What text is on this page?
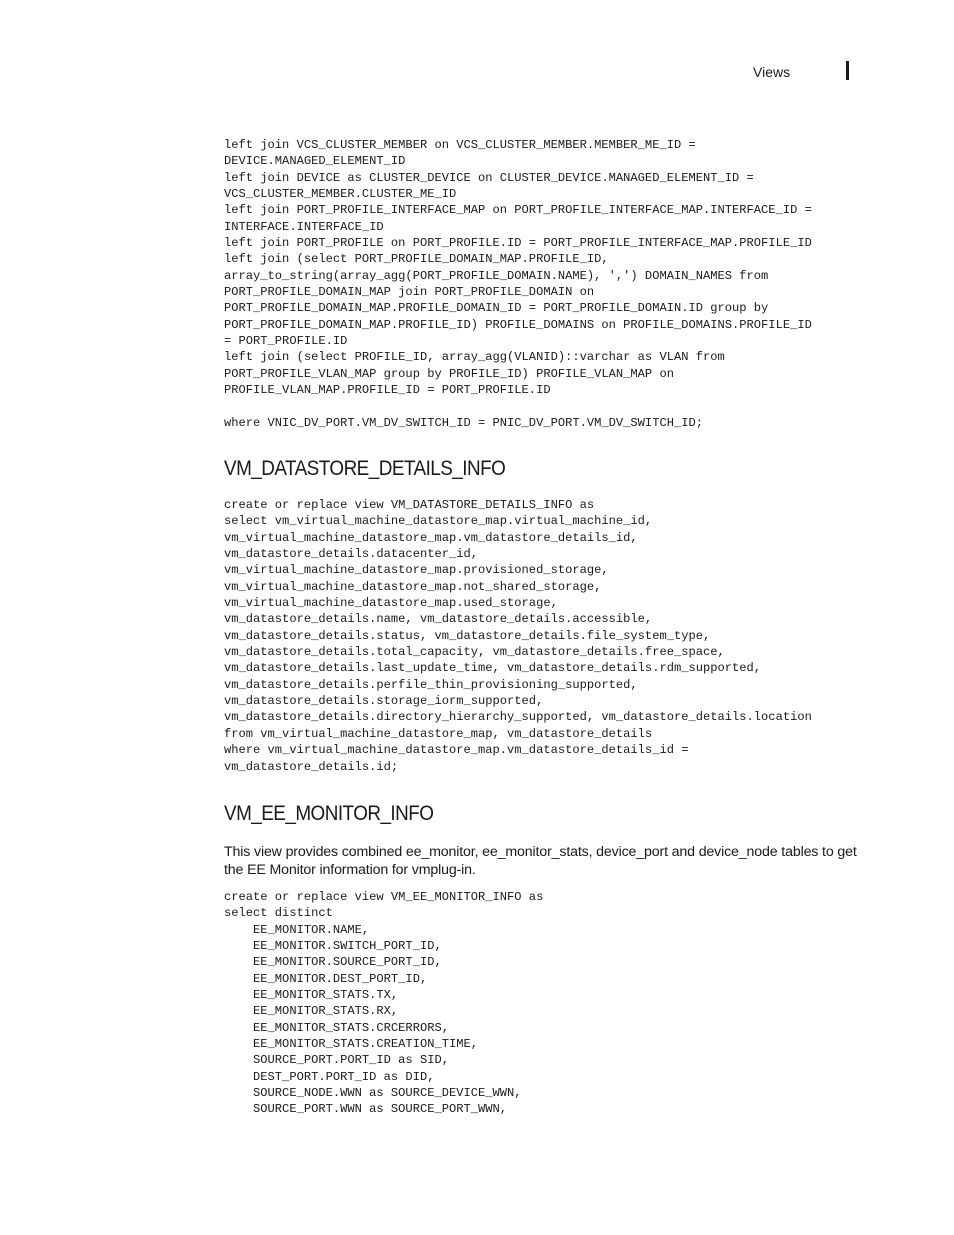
Views
left join VCS_CLUSTER_MEMBER on VCS_CLUSTER_MEMBER.MEMBER_ME_ID =
DEVICE.MANAGED_ELEMENT_ID
left join DEVICE as CLUSTER_DEVICE on CLUSTER_DEVICE.MANAGED_ELEMENT_ID =
VCS_CLUSTER_MEMBER.CLUSTER_ME_ID
left join PORT_PROFILE_INTERFACE_MAP on PORT_PROFILE_INTERFACE_MAP.INTERFACE_ID =
INTERFACE.INTERFACE_ID
left join PORT_PROFILE on PORT_PROFILE.ID = PORT_PROFILE_INTERFACE_MAP.PROFILE_ID
left join (select PORT_PROFILE_DOMAIN_MAP.PROFILE_ID,
array_to_string(array_agg(PORT_PROFILE_DOMAIN.NAME), ',') DOMAIN_NAMES from
PORT_PROFILE_DOMAIN_MAP join PORT_PROFILE_DOMAIN on
PORT_PROFILE_DOMAIN_MAP.PROFILE_DOMAIN_ID = PORT_PROFILE_DOMAIN.ID group by
PORT_PROFILE_DOMAIN_MAP.PROFILE_ID) PROFILE_DOMAINS on PROFILE_DOMAINS.PROFILE_ID
= PORT_PROFILE.ID
left join (select PROFILE_ID, array_agg(VLANID)::varchar as VLAN from
PORT_PROFILE_VLAN_MAP group by PROFILE_ID) PROFILE_VLAN_MAP on
PROFILE_VLAN_MAP.PROFILE_ID = PORT_PROFILE.ID

where VNIC_DV_PORT.VM_DV_SWITCH_ID = PNIC_DV_PORT.VM_DV_SWITCH_ID;
VM_DATASTORE_DETAILS_INFO
create or replace view VM_DATASTORE_DETAILS_INFO as
select vm_virtual_machine_datastore_map.virtual_machine_id,
vm_virtual_machine_datastore_map.vm_datastore_details_id,
vm_datastore_details.datacenter_id,
vm_virtual_machine_datastore_map.provisioned_storage,
vm_virtual_machine_datastore_map.not_shared_storage,
vm_virtual_machine_datastore_map.used_storage,
vm_datastore_details.name, vm_datastore_details.accessible,
vm_datastore_details.status, vm_datastore_details.file_system_type,
vm_datastore_details.total_capacity, vm_datastore_details.free_space,
vm_datastore_details.last_update_time, vm_datastore_details.rdm_supported,
vm_datastore_details.perfile_thin_provisioning_supported,
vm_datastore_details.storage_iorm_supported,
vm_datastore_details.directory_hierarchy_supported, vm_datastore_details.location
from vm_virtual_machine_datastore_map, vm_datastore_details
where vm_virtual_machine_datastore_map.vm_datastore_details_id =
vm_datastore_details.id;
VM_EE_MONITOR_INFO

This view provides combined ee_monitor, ee_monitor_stats, device_port and device_node tables to get the EE Monitor information for vmplug-in.

create or replace view VM_EE_MONITOR_INFO as
select distinct
EE_MONITOR.NAME,
EE_MONITOR.SWITCH_PORT_ID,
EE_MONITOR.SOURCE_PORT_ID,
EE_MONITOR.DEST_PORT_ID,
EE_MONITOR_STATS.TX,
EE_MONITOR_STATS.RX,
EE_MONITOR_STATS.CRCERRORS,
EE_MONITOR_STATS.CREATION_TIME,
SOURCE_PORT.PORT_ID as SID,
DEST_PORT.PORT_ID as DID,
SOURCE_NODE.WWN as SOURCE_DEVICE_WWN,
SOURCE_PORT.WWN as SOURCE_PORT_WWN,
